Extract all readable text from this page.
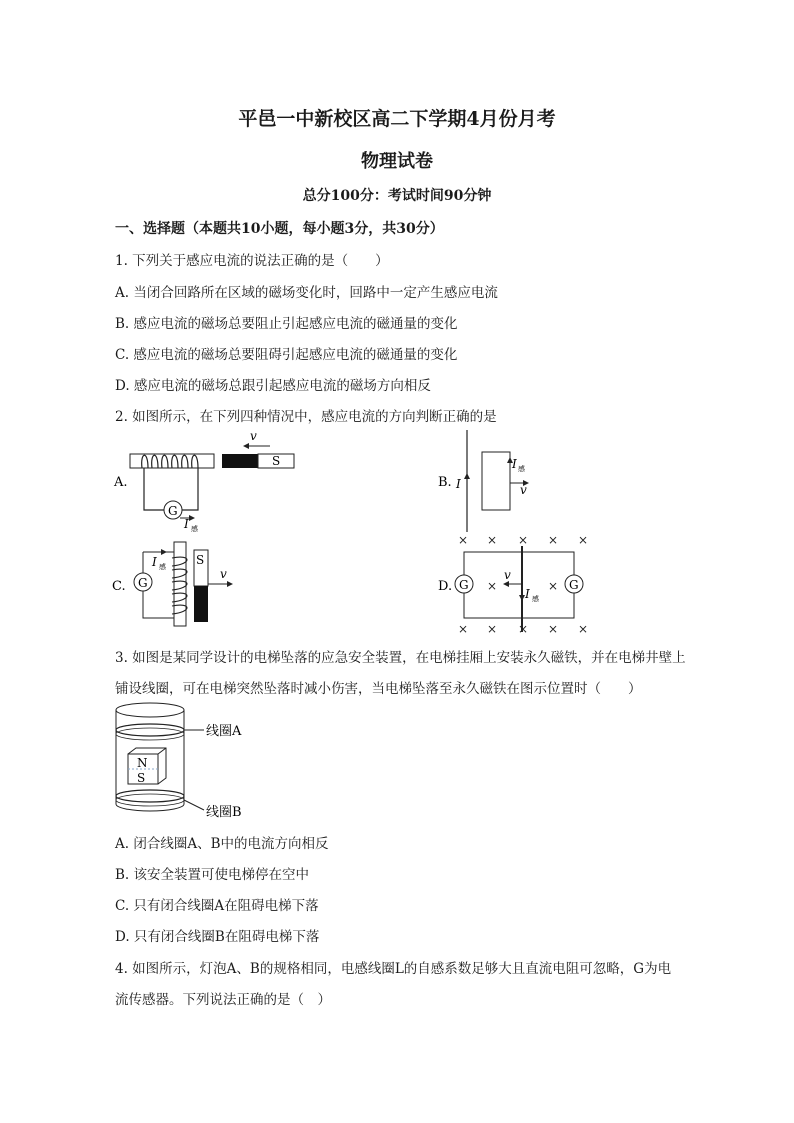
平邑一中新校区高二下学期4月份月考
物理试卷
总分100分：考试时间90分钟
一、选择题（本题共10小题，每小题3分，共30分）
1. 下列关于感应电流的说法正确的是（　　）
A. 当闭合回路所在区域的磁场变化时，回路中一定产生感应电流
B. 感应电流的磁场总要阻止引起感应电流的磁通量的变化
C. 感应电流的磁场总要阻碍引起感应电流的磁通量的变化
D. 感应电流的磁场总跟引起感应电流的磁场方向相反
2. 如图所示，在下列四种情况中，感应电流的方向判断正确的是
A.
G
I 感
S
v
B. I
I 感
v
C. G
I 感	S
v
D.
× × × × ×
×	×
× × × × ×
G	G
v
I 感
3. 如图是某同学设计的电梯坠落的应急安全装置，在电梯挂厢上安装永久磁铁，并在电梯井壁上
铺设线圈，可在电梯突然坠落时减小伤害，当电梯坠落至永久磁铁在图示位置时（　　）
线圈A
N
S
线圈B
A. 闭合线圈A、B中的电流方向相反
B. 该安全装置可使电梯停在空中
C. 只有闭合线圈A在阻碍电梯下落
D. 只有闭合线圈B在阻碍电梯下落
4. 如图所示，灯泡A、B的规格相同，电感线圈L的自感系数足够大且直流电阻可忽略，G为电
流传感器。下列说法正确的是（　）
